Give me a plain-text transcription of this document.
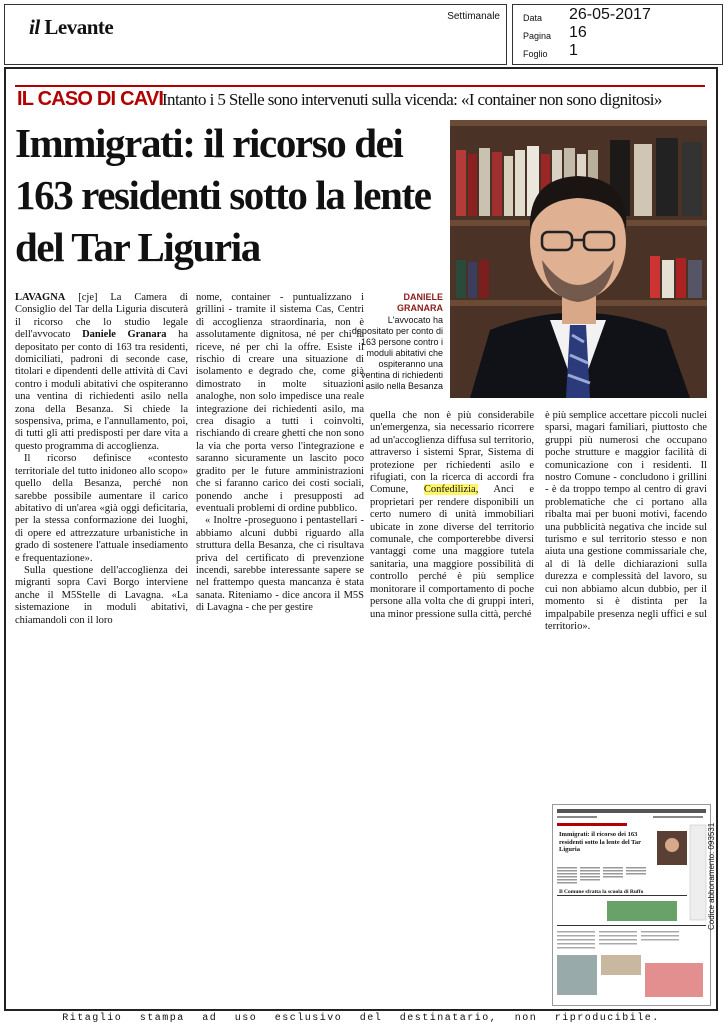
il Levante	Settimanale	Data 26-05-2017
Pagina 16
Foglio 1
IL CASO DI CAVI
Intanto i 5 Stelle sono intervenuti sulla vicenda: «I container non sono dignitosi»
Immigrati: il ricorso dei 163 residenti sotto la lente del Tar Liguria
DANIELE
GRANARA
L'avvocato ha depositato per conto di 163 persone contro i moduli abitativi che ospiteranno una ventina di richiedenti asilo nella Besanza

LAVAGNA [cje] La Camera di Consiglio del Tar della Liguria discuterà il ricorso che lo studio legale dell'avvocato Daniele Granara ha depositato per conto di 163 tra residenti, domiciliati, padroni di seconde case, titolari e dipendenti delle attività di Cavi contro i moduli abitativi che ospiteranno una ventina di richiedenti asilo nella zona della Besanza. Si chiede la sospensiva, prima, e l'annullamento, poi, di tutti gli atti predisposti per dare vita a questo programma di accoglienza.

Il ricorso definisce «contesto territoriale del tutto inidoneo allo scopo» quello della Besanza, perché non sarebbe possibile aumentare il carico abitativo di un'area «già oggi deficitaria, per la stessa conformazione dei luoghi, di opere ed attrezzature urbanistiche in grado di sostenere l'attuale insediamento e frequentazione».

Sulla questione dell'accoglienza dei migranti sopra Cavi Borgo interviene anche il M5Stelle di Lavagna. «La sistemazione in moduli abitativi, chiamandoli con il loro

nome, container - puntualizzano i grillini - tramite il sistema Cas, Centri di accoglienza straordinaria, non è assolutamente dignitosa, né per chi la riceve, né per chi la offre. Esiste il rischio di creare una situazione di isolamento e degrado che, come già dimostrato in molte situazioni analoghe, non solo impedisce una reale integrazione dei richiedenti asilo, ma crea disagio a tutti i coinvolti, rischiando di creare ghetti che non sono la via che porta verso l'integrazione e saranno sicuramente un lascito poco gradito per le future amministrazioni che si faranno carico dei costi sociali, ponendo anche i presupposti ad eventuali problemi di ordine pubblico.

« Inoltre -proseguono i pentastellari - abbiamo alcuni dubbi riguardo alla struttura della Besanza, che ci risultava priva del certificato di prevenzione incendi, sarebbe interessante sapere se nel frattempo questa mancanza è stata sanata. Riteniamo - dice ancora il M5S di Lavagna - che per gestire

quella che non è più considerabile un'emergenza, sia necessario ricorrere ad un'accoglienza diffusa sul territorio, attraverso i sistemi Sprar, Sistema di protezione per richiedenti asilo e rifugiati, con la ricerca di accordi fra Comune, Confedilizia, Anci e proprietari per rendere disponibili un certo numero di unità immobiliari ubicate in zone diverse del territorio comunale, che comporterebbe diversi vantaggi come una maggiore tutela sanitaria, una maggiore possibilità di controllo perché è più semplice monitorare il comportamento di poche persone alla volta che di gruppi interi, una minor pressione sulla città, perché

è più semplice accettare piccoli nuclei sparsi, magari familiari, piuttosto che gruppi più numerosi che occupano poche strutture e maggior facilità di comunicazione con i residenti. Il nostro Comune - concludono i grillini - è da troppo tempo al centro di gravi problematiche che ci portano alla ribalta mai per buoni motivi, facendo una pubblicità negativa che incide sul turismo e sul territorio stesso e non aiuta una gestione commissariale che, al di là delle dichiarazioni sulla durezza e complessità del lavoro, su cui non abbiamo alcun dubbio, per il momento si è distinta per la impalpabile presenza negli uffici e sul territorio».

Immigrati: il ricorso dei 163 residenti sotto la lente del Tar Liguria
Il Comune sfratta la scuola di Ruffo	Codice abbonamento: 093531
Ritaglio stampa ad uso esclusivo del destinatario, non riproducibile.
